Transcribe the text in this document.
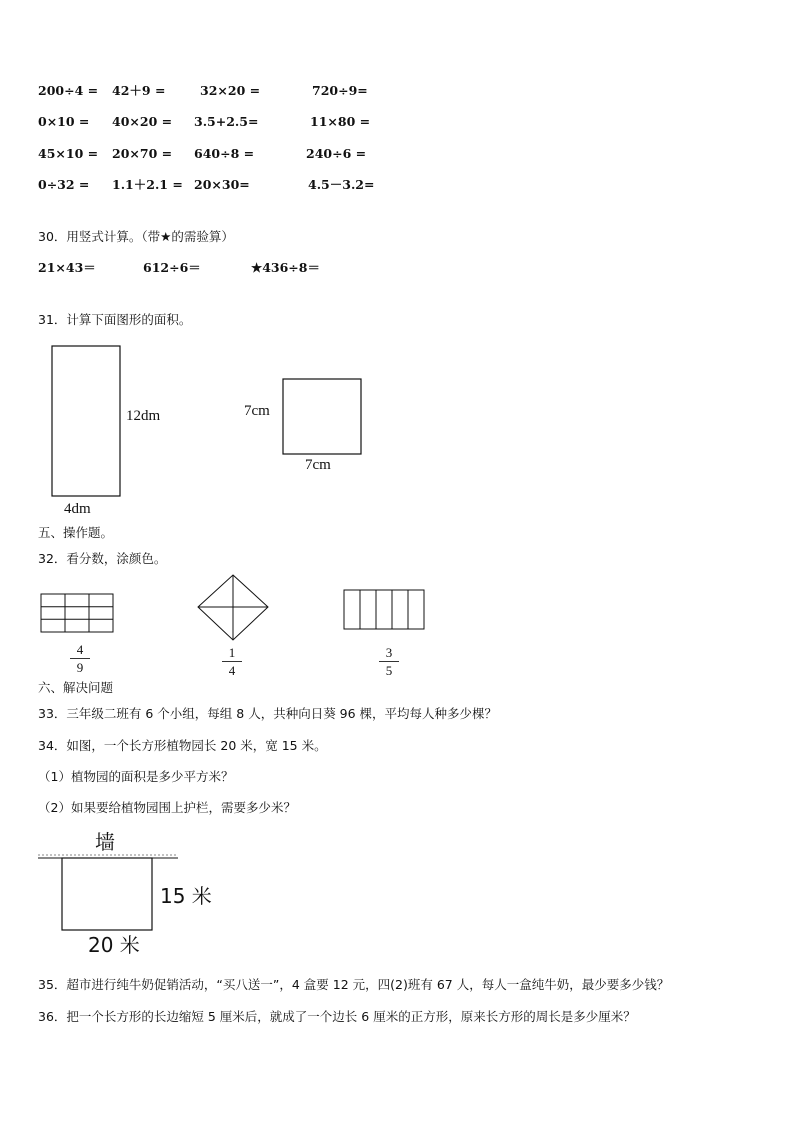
200÷4 = 42＋9 =	32×20 =	720÷9=
0×10 = 40×20 = 3.5+2.5=	11×80 =
45×10 = 20×70 = 640÷8 =	240÷6 =
0÷32 = 1.1＋2.1 = 20×30=	4.5－3.2=
30．用竖式计算。（带★的需验算）
21×43＝	612÷6＝	★436÷8＝
31．计算下面图形的面积。
12dm
4dm
7cm
7cm
五、操作题。
32．看分数，涂颜色。
4
9
1
4
3
5
六、解决问题
33．三年级二班有 6 个小组，每组 8 人，共种向日葵 96 棵，平均每人种多少棵？
34．如图，一个长方形植物园长 20 米，宽 15 米。
（1）植物园的面积是多少平方米？
（2）如果要给植物园围上护栏，需要多少米？
墙
15 米
20 米
35．超市进行纯牛奶促销活动，“买八送一”，4 盒要 12 元，四(2)班有 67 人，每人一盒纯牛奶，最少要多少钱？
36．把一个长方形的长边缩短 5 厘米后，就成了一个边长 6 厘米的正方形，原来长方形的周长是多少厘米？
